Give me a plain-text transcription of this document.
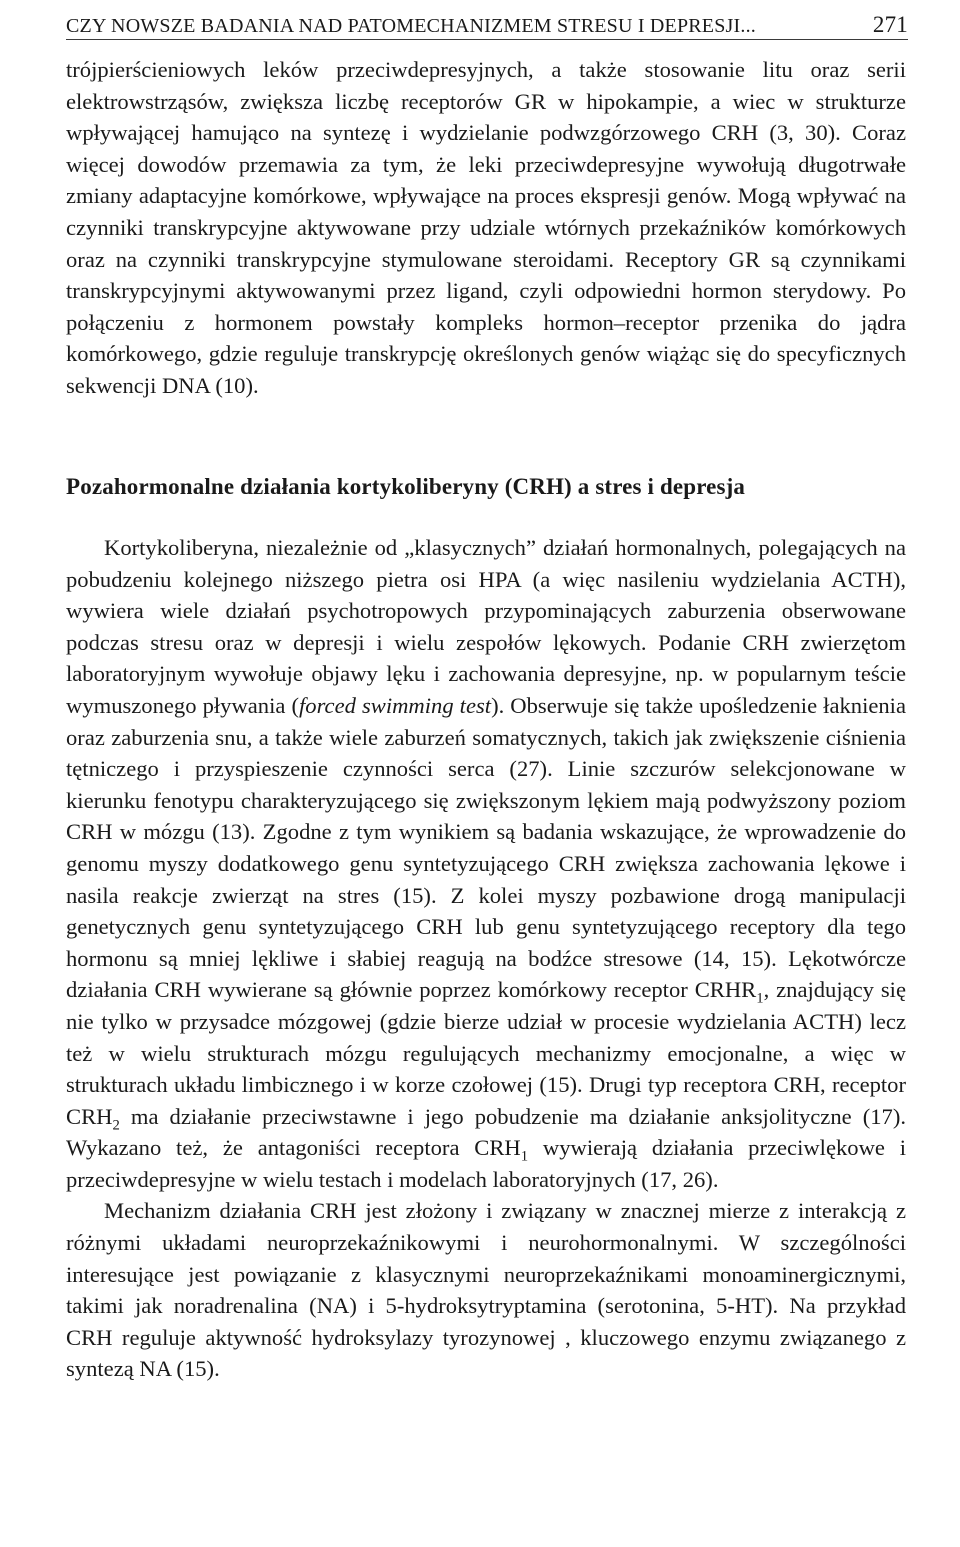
CZY NOWSZE BADANIA NAD PATOMECHANIZMEM STRESU I DEPRESJI...	271

trójpierścieniowych leków przeciwdepresyjnych, a także stosowanie litu oraz serii elektrowstrząsów, zwiększa liczbę receptorów GR w hipokampie, a wiec w strukturze wpływającej hamująco na syntezę i wydzielanie podwzgórzowego CRH (3, 30). Coraz więcej dowodów przemawia za tym, że leki przeciwdepresyjne wywołują długotrwałe zmiany adaptacyjne komórkowe, wpływające na proces ekspresji genów. Mogą wpływać na czynniki transkrypcyjne aktywowane przy udziale wtórnych przekaźników komórkowych oraz na czynniki transkrypcyjne stymulowane steroidami. Receptory GR są czynnikami transkrypcyjnymi aktywowanymi przez ligand, czyli odpowiedni hormon sterydowy. Po połączeniu z hormonem powstały kompleks hormon–receptor przenika do jądra komórkowego, gdzie reguluje transkrypcję określonych genów wiążąc się do specyficznych sekwencji DNA (10).

Pozahormonalne działania kortykoliberyny (CRH) a stres i depresja

Kortykoliberyna, niezależnie od „klasycznych” działań hormonalnych, polegających na pobudzeniu kolejnego niższego pietra osi HPA (a więc nasileniu wydzielania ACTH), wywiera wiele działań psychotropowych przypominających zaburzenia obserwowane podczas stresu oraz w depresji i wielu zespołów lękowych. Podanie CRH zwierzętom laboratoryjnym wywołuje objawy lęku i zachowania depresyjne, np. w popularnym teście wymuszonego pływania (forced swimming test). Obserwuje się także upośledzenie łaknienia oraz zaburzenia snu, a także wiele zaburzeń somatycznych, takich jak zwiększenie ciśnienia tętniczego i przyspieszenie czynności serca (27). Linie szczurów selekcjonowane w kierunku fenotypu charakteryzującego się zwiększonym lękiem mają podwyższony poziom CRH w mózgu (13). Zgodne z tym wynikiem są badania wskazujące, że wprowadzenie do genomu myszy dodatkowego genu syntetyzującego CRH zwiększa zachowania lękowe i nasila reakcje zwierząt na stres (15). Z kolei myszy pozbawione drogą manipulacji genetycznych genu syntetyzującego CRH lub genu syntetyzującego receptory dla tego hormonu są mniej lękliwe i słabiej reagują na bodźce stresowe (14, 15). Lękotwórcze działania CRH wywierane są głównie poprzez komórkowy receptor $CRHR_1$, znajdujący się nie tylko w przysadce mózgowej (gdzie bierze udział w procesie wydzielania ACTH) lecz też w wielu strukturach mózgu regulujących mechanizmy emocjonalne, a więc w strukturach układu limbicznego i w korze czołowej (15). Drugi typ receptora CRH, receptor $CRH_2$ ma działanie przeciwstawne i jego pobudzenie ma działanie anksjolityczne (17). Wykazano też, że antagoniści receptora $CRH_1$ wywierają działania przeciwlękowe i przeciwdepresyjne w wielu testach i modelach laboratoryjnych (17, 26).

Mechanizm działania CRH jest złożony i związany w znacznej mierze z interakcją z różnymi układami neuroprzekaźnikowymi i neurohormonalnymi. W szczególności interesujące jest powiązanie z klasycznymi neuroprzekaźnikami monoaminergicznymi, takimi jak noradrenalina (NA) i 5-hydroksytryptamina (serotonina, 5-HT). Na przykład CRH reguluje aktywność hydroksylazy tyrozynowej , kluczowego enzymu związanego z syntezą NA (15).
